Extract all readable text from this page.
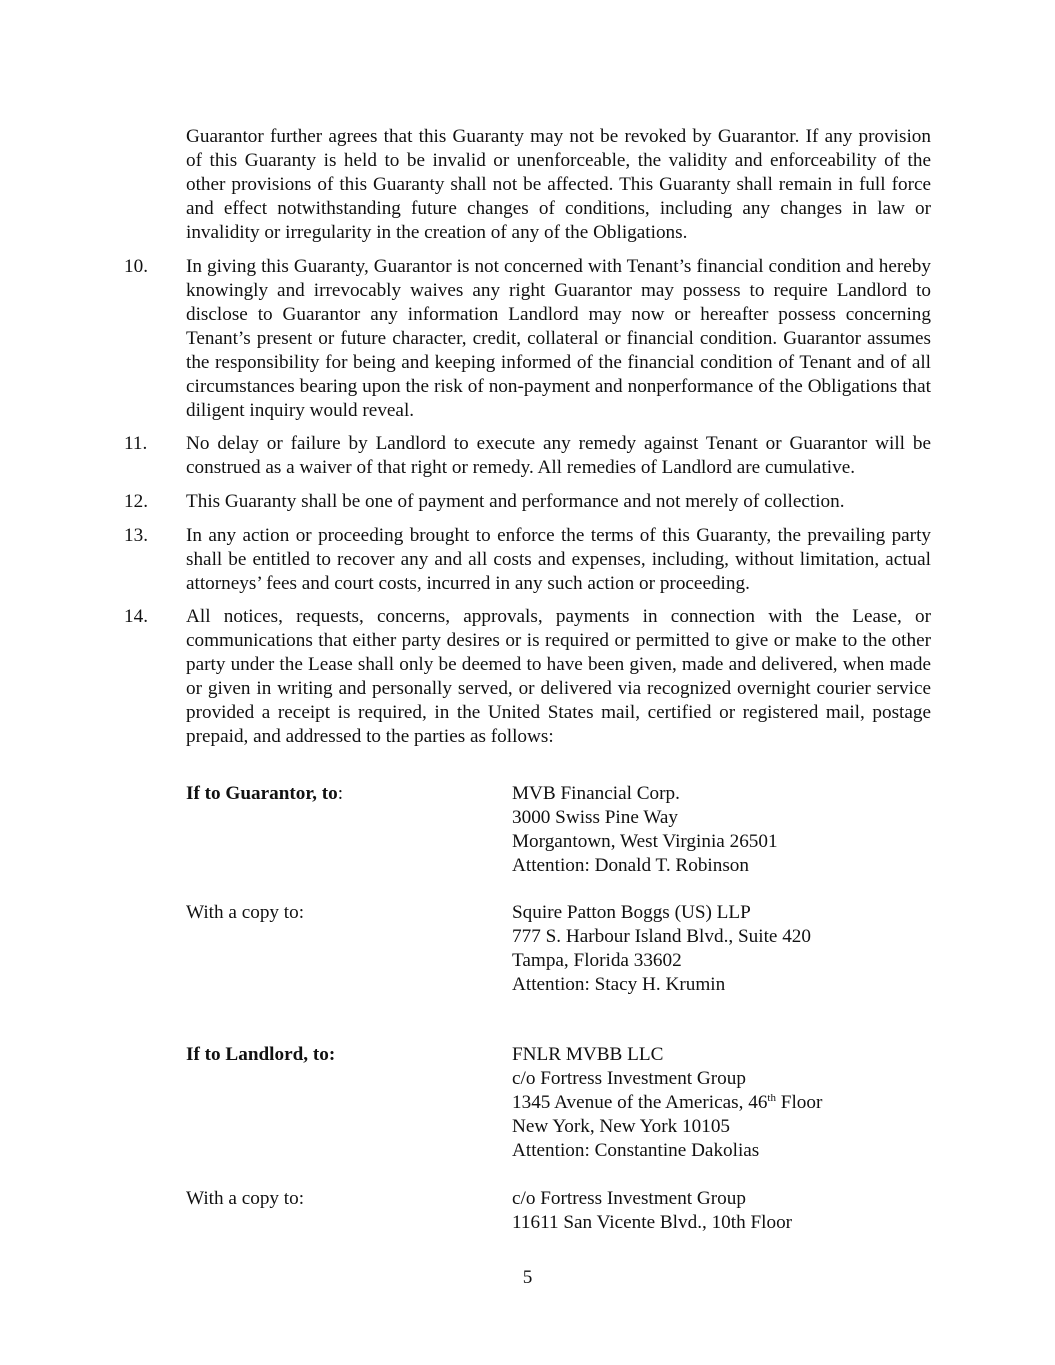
Guarantor further agrees that this Guaranty may not be revoked by Guarantor. If any provision of this Guaranty is held to be invalid or unenforceable, the validity and enforceability of the other provisions of this Guaranty shall not be affected. This Guaranty shall remain in full force and effect notwithstanding future changes of conditions, including any changes in law or invalidity or irregularity in the creation of any of the Obligations.
10. In giving this Guaranty, Guarantor is not concerned with Tenant’s financial condition and hereby knowingly and irrevocably waives any right Guarantor may possess to require Landlord to disclose to Guarantor any information Landlord may now or hereafter possess concerning Tenant’s present or future character, credit, collateral or financial condition. Guarantor assumes the responsibility for being and keeping informed of the financial condition of Tenant and of all circumstances bearing upon the risk of non-payment and nonperformance of the Obligations that diligent inquiry would reveal.
11. No delay or failure by Landlord to execute any remedy against Tenant or Guarantor will be construed as a waiver of that right or remedy. All remedies of Landlord are cumulative.
12. This Guaranty shall be one of payment and performance and not merely of collection.
13. In any action or proceeding brought to enforce the terms of this Guaranty, the prevailing party shall be entitled to recover any and all costs and expenses, including, without limitation, actual attorneys’ fees and court costs, incurred in any such action or proceeding.
14. All notices, requests, concerns, approvals, payments in connection with the Lease, or communications that either party desires or is required or permitted to give or make to the other party under the Lease shall only be deemed to have been given, made and delivered, when made or given in writing and personally served, or delivered via recognized overnight courier service provided a receipt is required, in the United States mail, certified or registered mail, postage prepaid, and addressed to the parties as follows:
If to Guarantor, to:	MVB Financial Corp.
3000 Swiss Pine Way
Morgantown, West Virginia 26501
Attention: Donald T. Robinson
With a copy to:	Squire Patton Boggs (US) LLP
777 S. Harbour Island Blvd., Suite 420
Tampa, Florida 33602
Attention: Stacy H. Krumin
If to Landlord, to:	FNLR MVBB LLC
c/o Fortress Investment Group
1345 Avenue of the Americas, 46th Floor
New York, New York 10105
Attention: Constantine Dakolias
With a copy to:	c/o Fortress Investment Group
11611 San Vicente Blvd., 10th Floor
5
